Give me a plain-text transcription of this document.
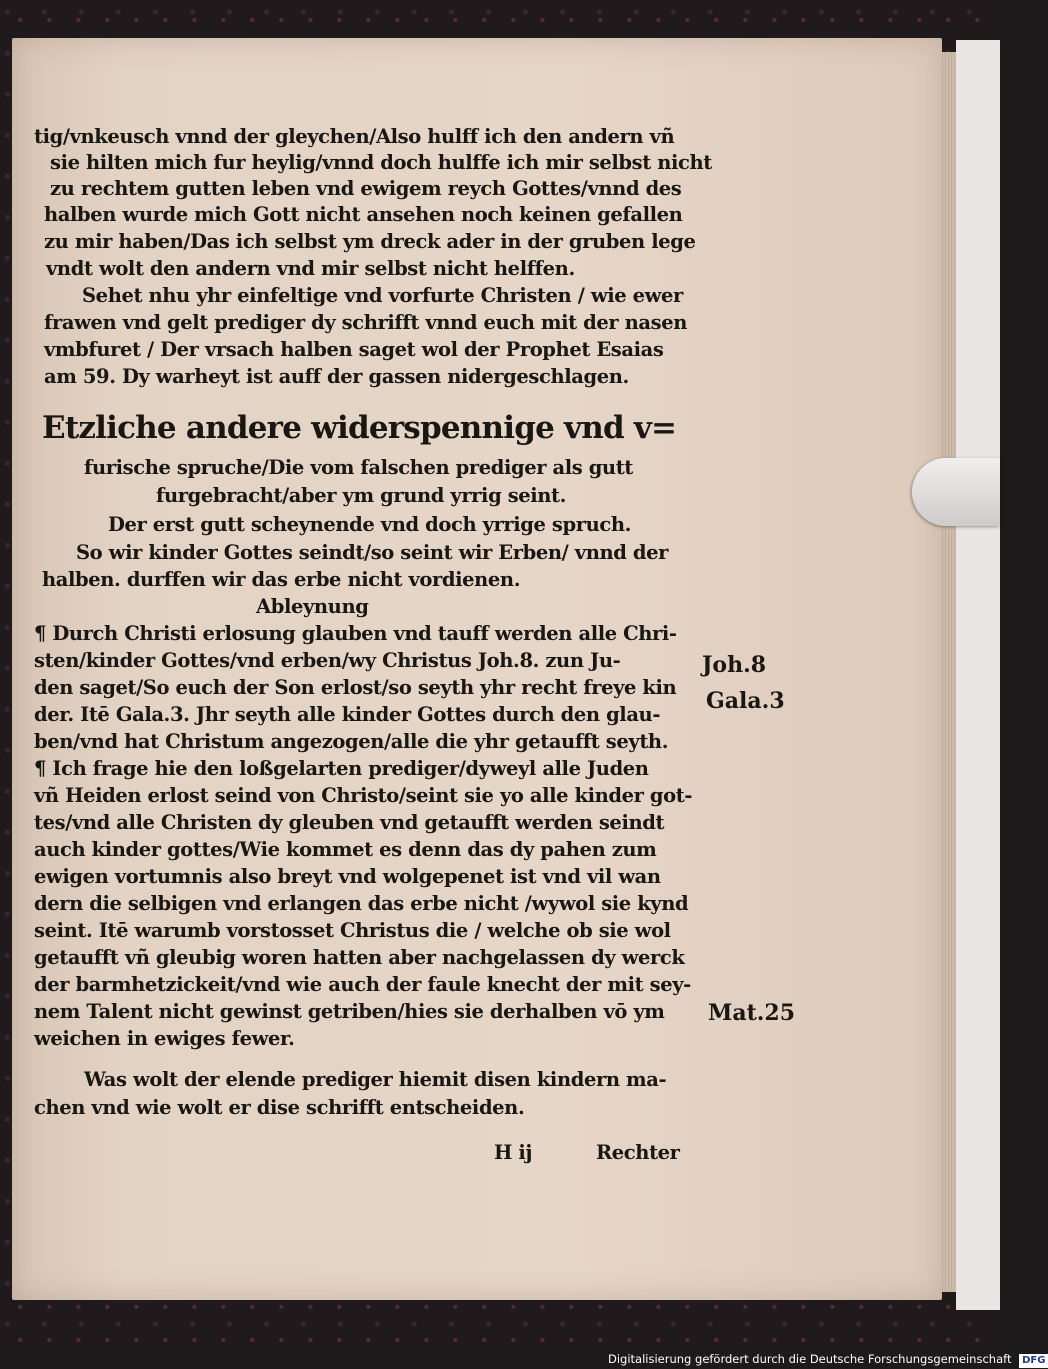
tig/vnkeusch vnnd der gleychen/Also hulff ich den andern vñ
sie hilten mich fur heylig/vnnd doch hulffe ich mir selbst nicht
zu rechtem gutten leben vnd ewigem reych Gottes/vnnd des
halben wurde mich Gott nicht ansehen noch keinen gefallen
zu mir haben/Das ich selbst ym dreck ader in der gruben lege
vndt wolt den andern vnd mir selbst nicht helffen.
Sehet nhu yhr einfeltige vnd vorfurte Christen / wie ewer
frawen vnd gelt prediger dy schrifft vnnd euch mit der nasen
vmbfuret / Der vrsach halben saget wol der Prophet Esaias
am 59. Dy warheyt ist auff der gassen nidergeschlagen.
Etzliche andere widerspennige vnd v=
furische spruche/Die vom falschen prediger als gutt
furgebracht/aber ym grund yrrig seint.
Der erst gutt scheynende vnd doch yrrige spruch.
So wir kinder Gottes seindt/so seint wir Erben/ vnnd der
halben. durffen wir das erbe nicht vordienen.
Ableynung
¶ Durch Christi erlosung glauben vnd tauff werden alle Chri-
sten/kinder Gottes/vnd erben/wy Christus Joh.8. zun Ju-
den saget/So euch der Son erlost/so seyth yhr recht freye kin
der. Itē Gala.3. Jhr seyth alle kinder Gottes durch den glau-
ben/vnd hat Christum angezogen/alle die yhr getaufft seyth.
¶ Ich frage hie den loßgelarten prediger/dyweyl alle Juden
vñ Heiden erlost seind von Christo/seint sie yo alle kinder got-
tes/vnd alle Christen dy gleuben vnd getaufft werden seindt
auch kinder gottes/Wie kommet es denn das dy pahen zum
ewigen vortumnis also breyt vnd wolgepenet ist vnd vil wan
dern die selbigen vnd erlangen das erbe nicht /wywol sie kynd
seint. Itē warumb vorstosset Christus die / welche ob sie wol
getaufft vñ gleubig woren hatten aber nachgelassen dy werck
der barmhetzickeit/vnd wie auch der faule knecht der mit sey-
nem Talent nicht gewinst getriben/hies sie derhalben vō ym
weichen in ewiges fewer.
Was wolt der elende prediger hiemit disen kindern ma-
chen vnd wie wolt er dise schrifft entscheiden.
H ij	Rechter
Joh.8
Gala.3
Mat.25
Digitalisierung gefördert durch die Deutsche Forschungsgemeinschaft DFG
